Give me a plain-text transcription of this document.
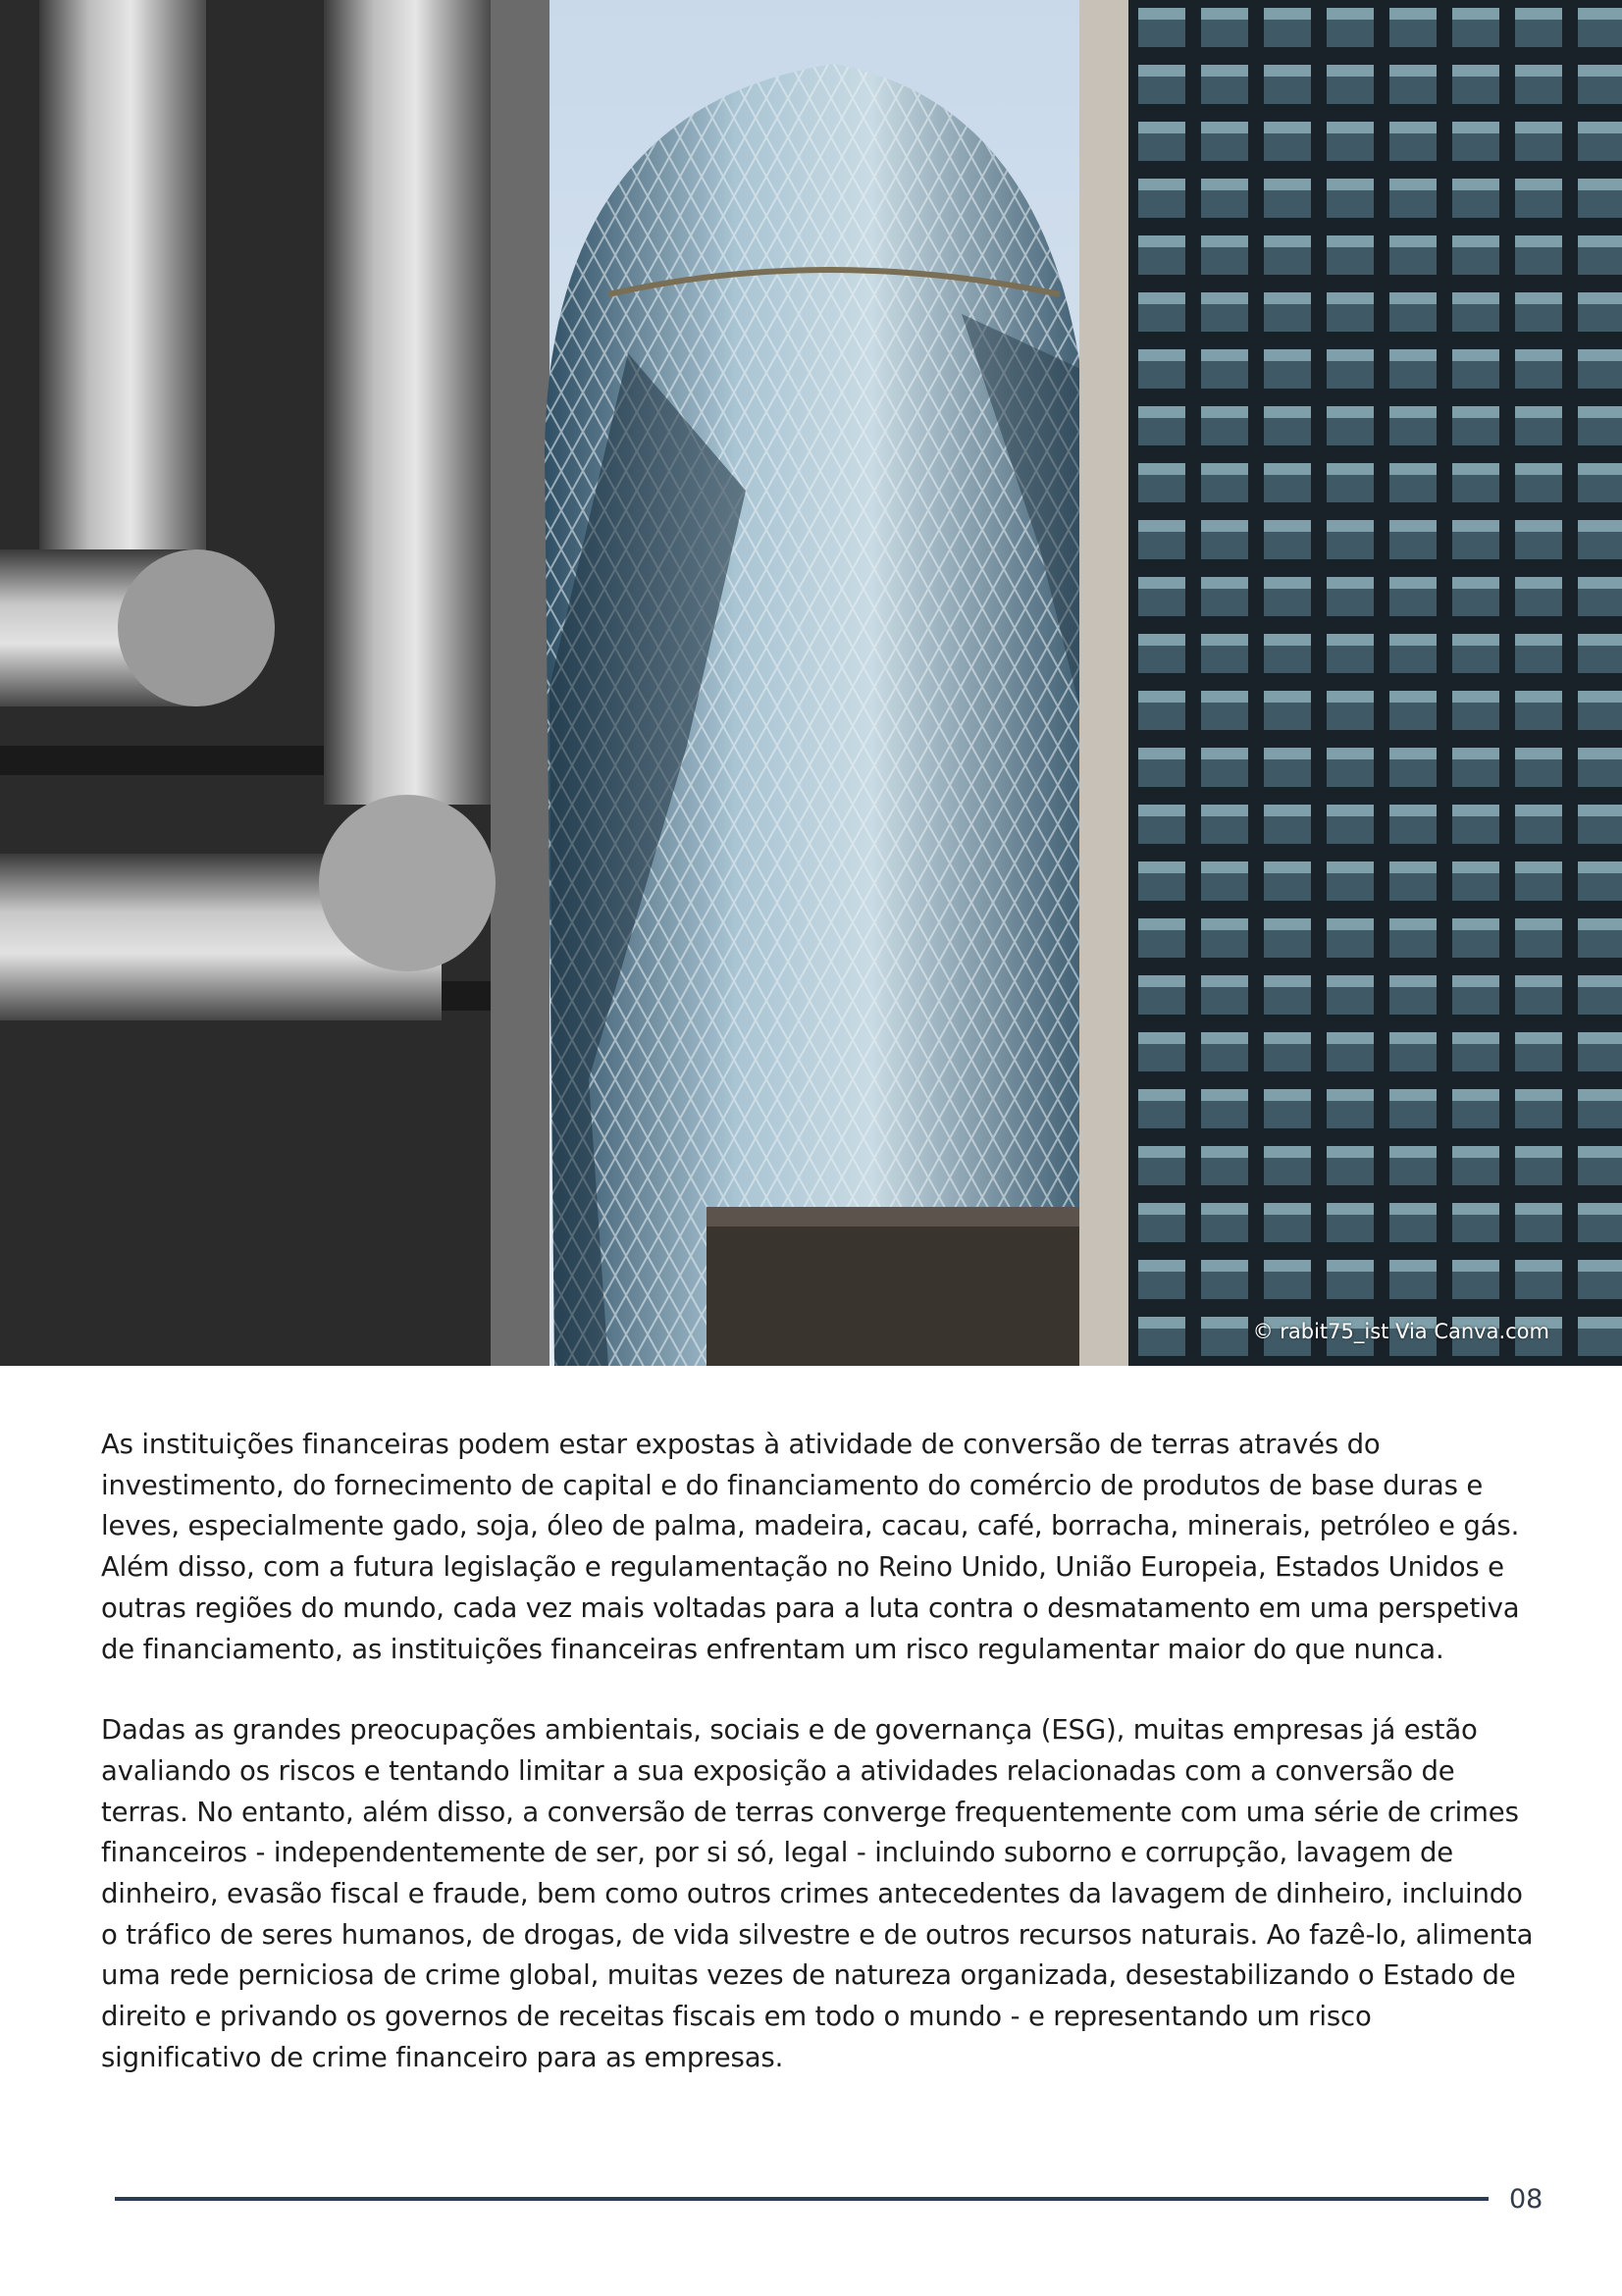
© rabit75_ist Via Canva.com

As instituições financeiras podem estar expostas à atividade de conversão de terras através do investimento, do fornecimento de capital e do financiamento do comércio de produtos de base duras e leves, especialmente gado, soja, óleo de palma, madeira, cacau, café, borracha, minerais, petróleo e gás. Além disso, com a futura legislação e regulamentação no Reino Unido, União Europeia, Estados Unidos e outras regiões do mundo, cada vez mais voltadas para a luta contra o desmatamento em uma perspetiva de financiamento, as instituições financeiras enfrentam um risco regulamentar maior do que nunca.

Dadas as grandes preocupações ambientais, sociais e de governança (ESG), muitas empresas já estão avaliando os riscos e tentando limitar a sua exposição a atividades relacionadas com a conversão de terras. No entanto, além disso, a conversão de terras converge frequentemente com uma série de crimes financeiros - independentemente de ser, por si só, legal - incluindo suborno e corrupção, lavagem de dinheiro, evasão fiscal e fraude, bem como outros crimes antecedentes da lavagem de dinheiro, incluindo o tráfico de seres humanos, de drogas, de vida silvestre e de outros recursos naturais. Ao fazê-lo, alimenta uma rede perniciosa de crime global, muitas vezes de natureza organizada, desestabilizando o Estado de direito e privando os governos de receitas fiscais em todo o mundo - e representando um risco significativo de crime financeiro para as empresas.

08
